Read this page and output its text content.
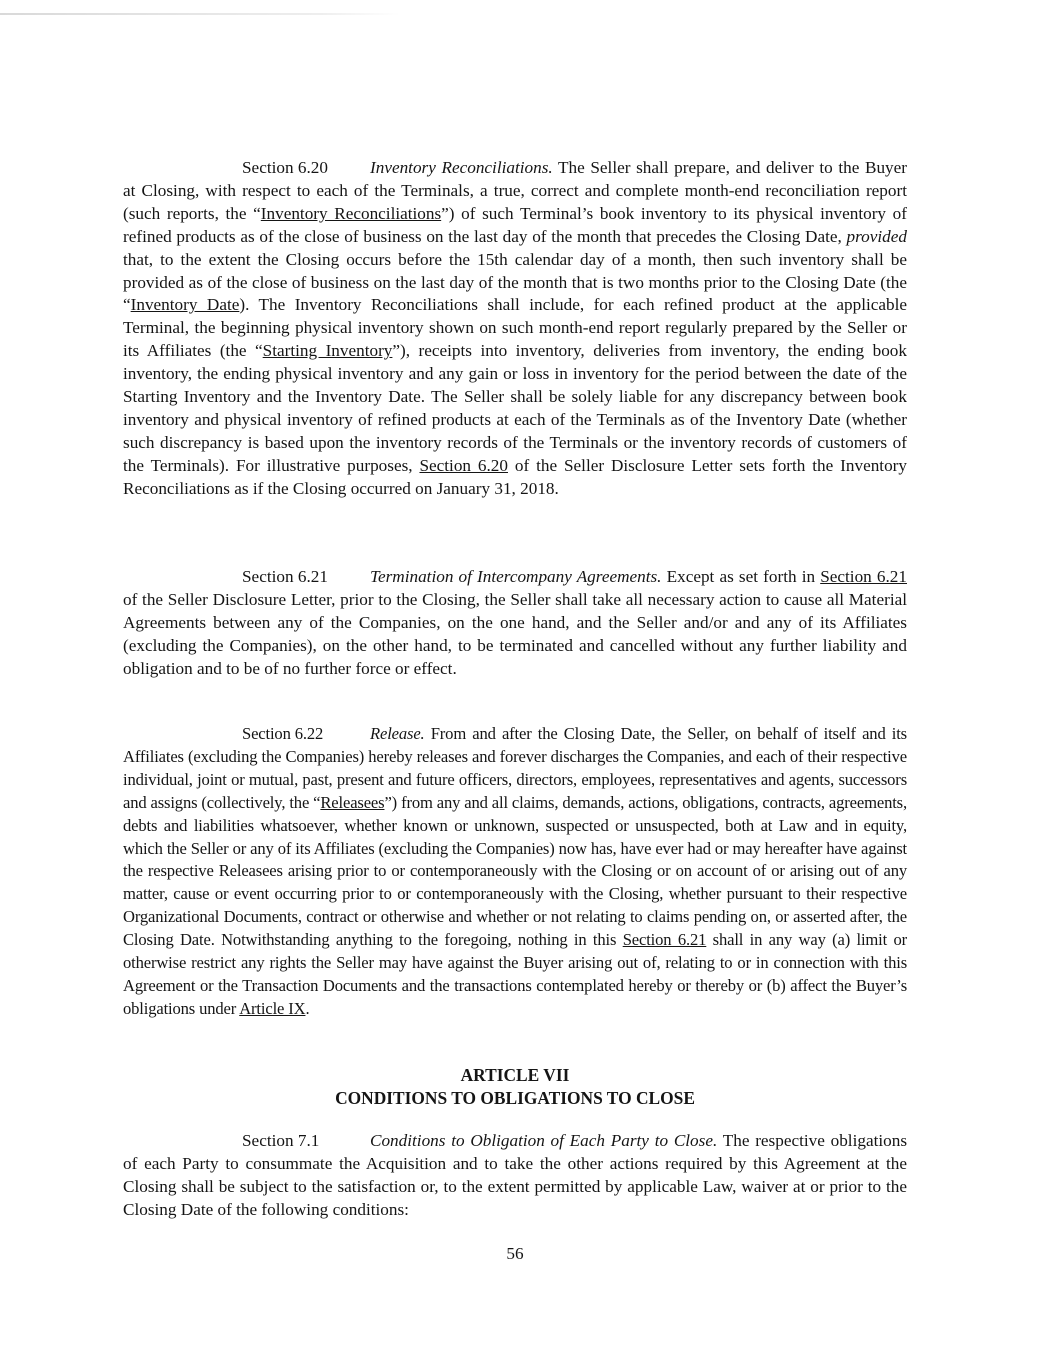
Section 6.20 Inventory Reconciliations. The Seller shall prepare, and deliver to the Buyer at Closing, with respect to each of the Terminals, a true, correct and complete month-end reconciliation report (such reports, the “Inventory Reconciliations”) of such Terminal’s book inventory to its physical inventory of refined products as of the close of business on the last day of the month that precedes the Closing Date, provided that, to the extent the Closing occurs before the 15th calendar day of a month, then such inventory shall be provided as of the close of business on the last day of the month that is two months prior to the Closing Date (the “Inventory Date). The Inventory Reconciliations shall include, for each refined product at the applicable Terminal, the beginning physical inventory shown on such month-end report regularly prepared by the Seller or its Affiliates (the “Starting Inventory”), receipts into inventory, deliveries from inventory, the ending book inventory, the ending physical inventory and any gain or loss in inventory for the period between the date of the Starting Inventory and the Inventory Date. The Seller shall be solely liable for any discrepancy between book inventory and physical inventory of refined products at each of the Terminals as of the Inventory Date (whether such discrepancy is based upon the inventory records of the Terminals or the inventory records of customers of the Terminals). For illustrative purposes, Section 6.20 of the Seller Disclosure Letter sets forth the Inventory Reconciliations as if the Closing occurred on January 31, 2018.

Section 6.21 Termination of Intercompany Agreements. Except as set forth in Section 6.21 of the Seller Disclosure Letter, prior to the Closing, the Seller shall take all necessary action to cause all Material Agreements between any of the Companies, on the one hand, and the Seller and/or and any of its Affiliates (excluding the Companies), on the other hand, to be terminated and cancelled without any further liability and obligation and to be of no further force or effect.

Section 6.22	Release. From and after the Closing Date, the Seller, on behalf of itself and its Affiliates (excluding the Companies) hereby releases and forever discharges the Companies, and each of their respective individual, joint or mutual, past, present and future officers, directors, employees, representatives and agents, successors and assigns (collectively, the “Releasees”) from any and all claims, demands, actions, obligations, contracts, agreements, debts and liabilities whatsoever, whether known or unknown, suspected or unsuspected, both at Law and in equity, which the Seller or any of its Affiliates (excluding the Companies) now has, have ever had or may hereafter have against the respective Releasees arising prior to or contemporaneously with the Closing or on account of or arising out of any matter, cause or event occurring prior to or contemporaneously with the Closing, whether pursuant to their respective Organizational Documents, contract or otherwise and whether or not relating to claims pending on, or asserted after, the Closing Date. Notwithstanding anything to the foregoing, nothing in this Section 6.21 shall in any way (a) limit or otherwise restrict any rights the Seller may have against the Buyer arising out of, relating to or in connection with this Agreement or the Transaction Documents and the transactions contemplated hereby or thereby or (b) affect the Buyer’s obligations under Article IX.

ARTICLE VII
CONDITIONS TO OBLIGATIONS TO CLOSE

Section 7.1	Conditions to Obligation of Each Party to Close. The respective obligations of each Party to consummate the Acquisition and to take the other actions required by this Agreement at the Closing shall be subject to the satisfaction or, to the extent permitted by applicable Law, waiver at or prior to the Closing Date of the following conditions:

56
